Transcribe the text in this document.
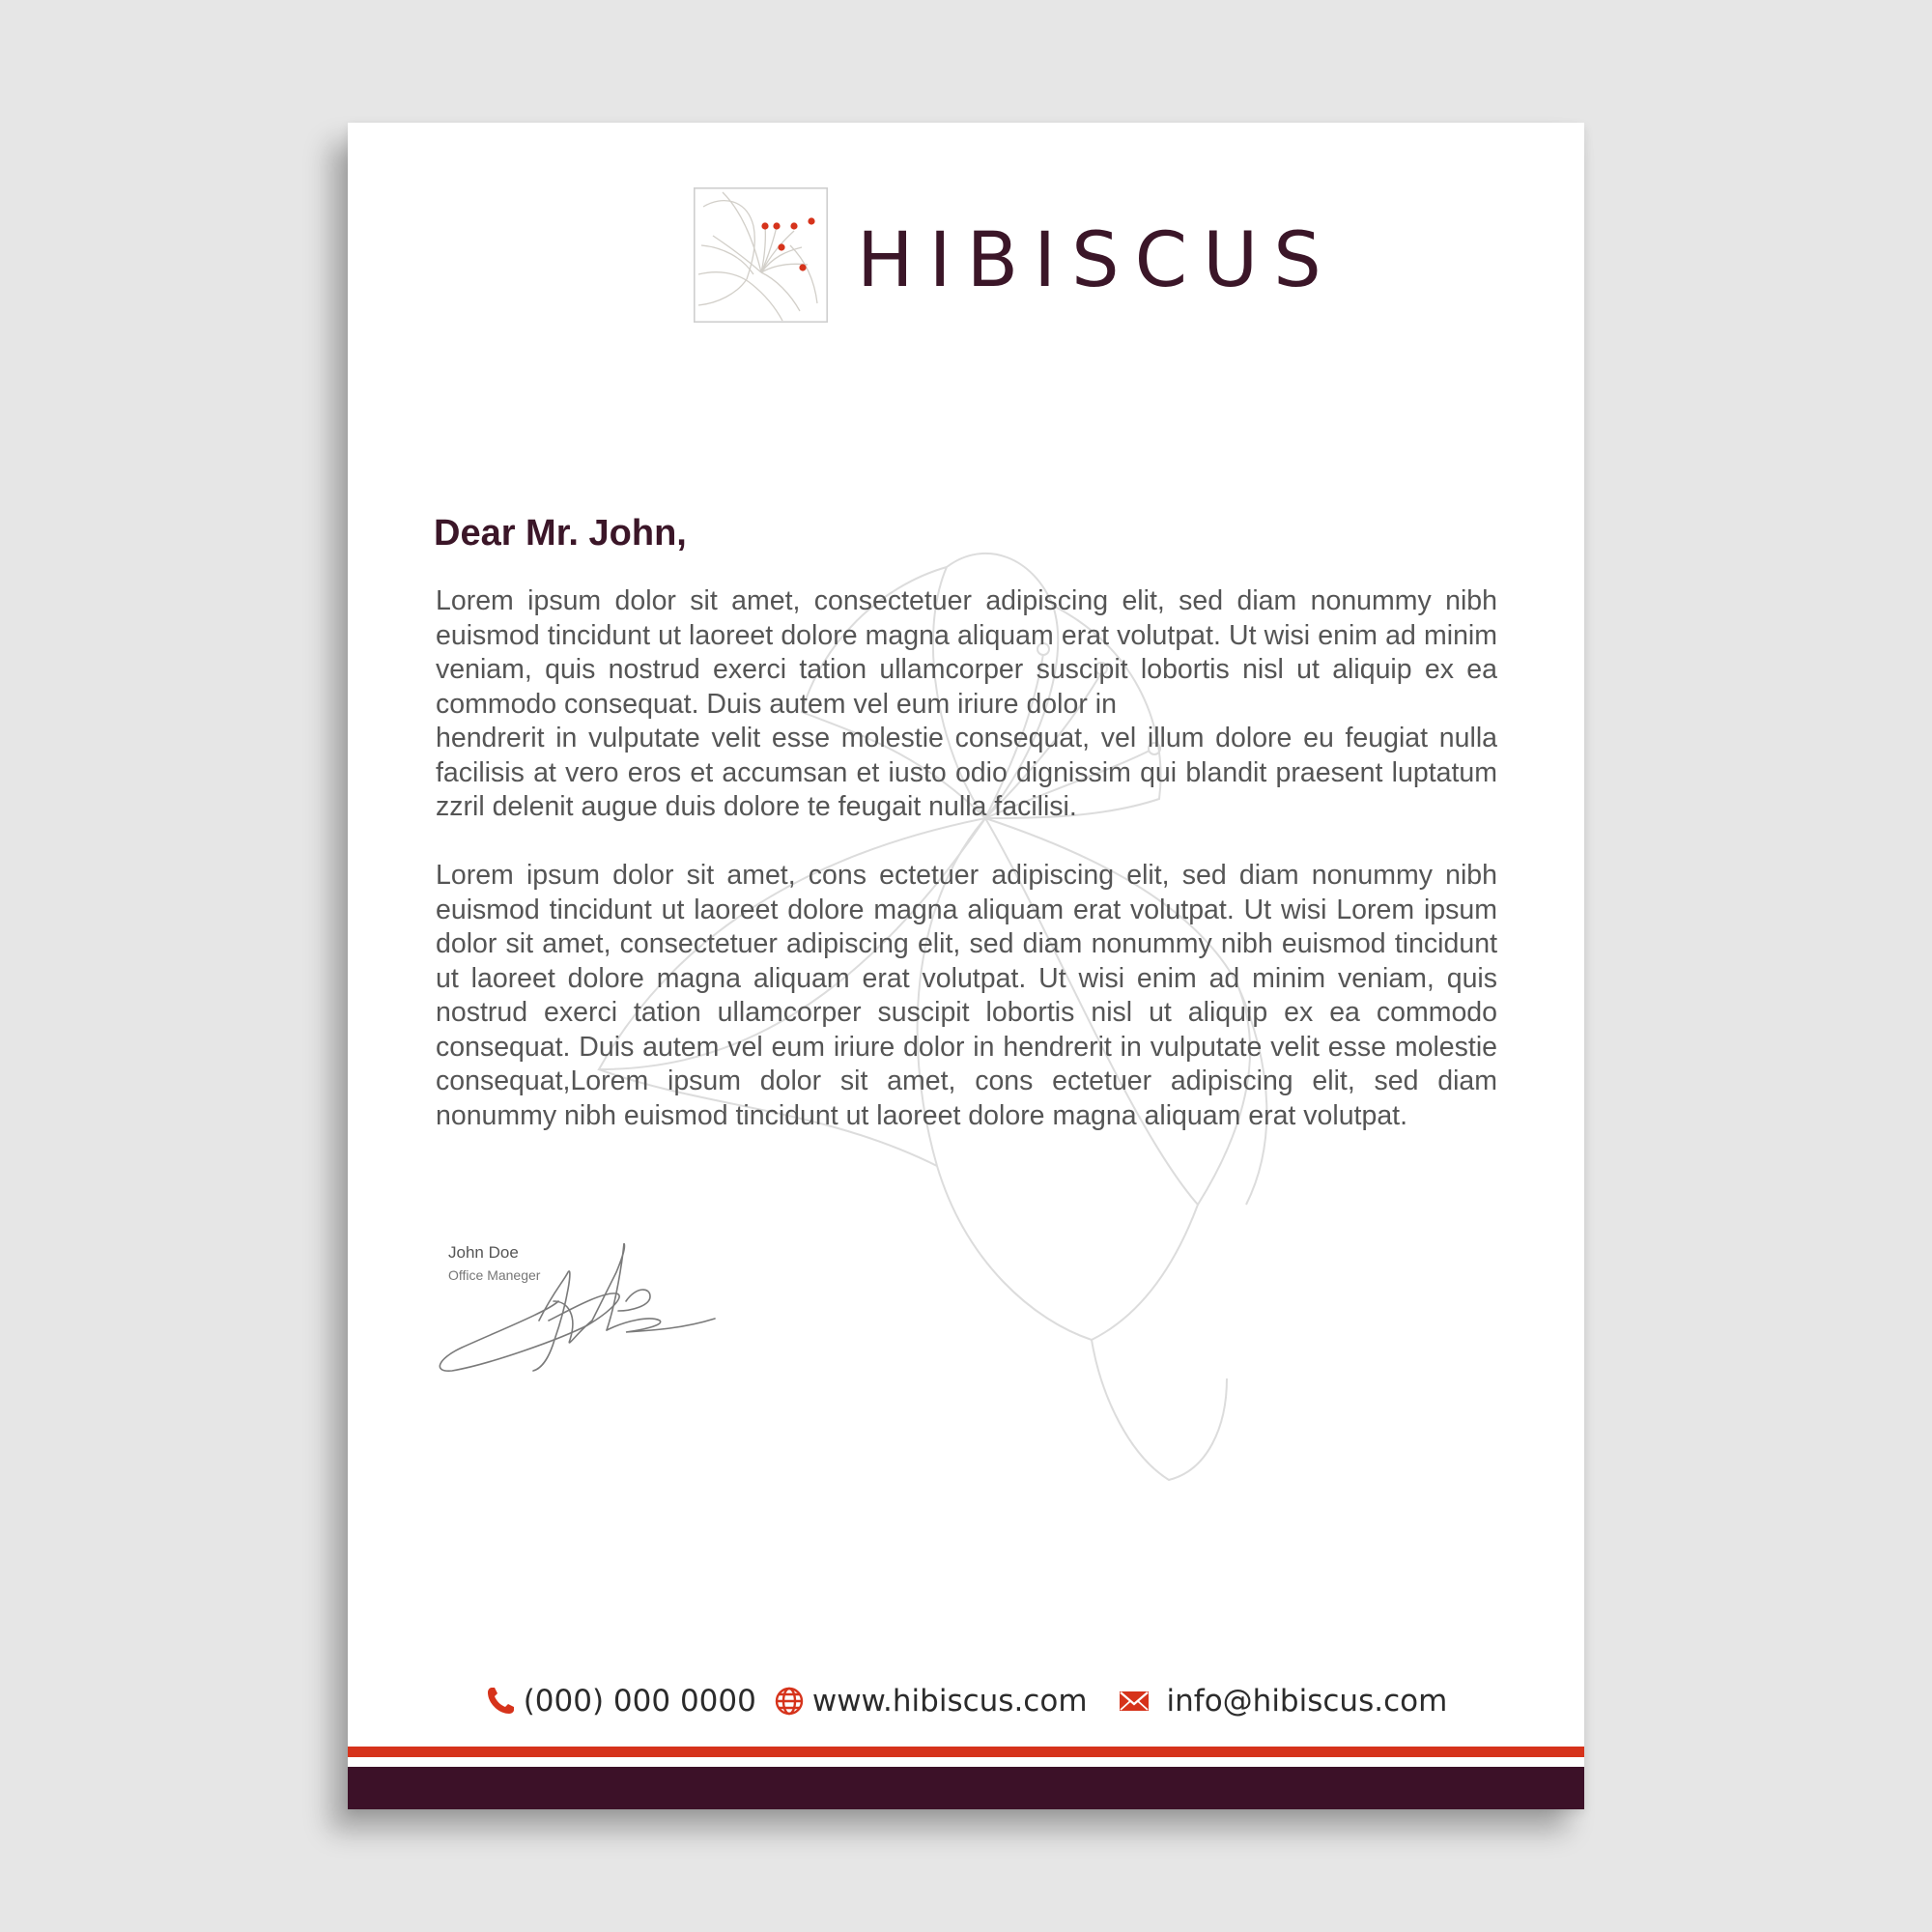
HIBISCUS
Dear Mr. John,

Lorem ipsum dolor sit amet, consectetuer adipiscing elit, sed diam nonummy nibh euismod tincidunt ut laoreet dolore magna aliquam erat volutpat. Ut wisi enim ad minim veniam, quis nostrud exerci tation ullamcorper suscipit lobortis nisl ut aliquip ex ea commodo consequat. Duis autem vel eum iriure dolor in
hendrerit in vulputate velit esse molestie consequat, vel illum dolore eu feugiat nulla facilisis at vero eros et accumsan et iusto odio dignissim qui blandit praesent luptatum zzril delenit augue duis dolore te feugait nulla facilisi.

Lorem ipsum dolor sit amet, cons ectetuer adipiscing elit, sed diam nonummy nibh euismod tincidunt ut laoreet dolore magna aliquam erat volutpat. Ut wisi Lorem ipsum dolor sit amet, consectetuer adipiscing elit, sed diam nonummy nibh euismod tincidunt ut laoreet dolore magna aliquam erat volutpat. Ut wisi enim ad minim veniam, quis nostrud exerci tation ullamcorper suscipit lobortis nisl ut aliquip ex ea commodo consequat. Duis autem vel eum iriure dolor in hendrerit in vulputate velit esse molestie consequat,Lorem ipsum dolor sit amet, cons ectetuer adipiscing elit, sed diam nonummy nibh euismod tincidunt ut laoreet dolore magna aliquam erat volutpat.

John Doe
Office Maneger
(000) 000 0000 www.hibiscus.com	info@hibiscus.com
